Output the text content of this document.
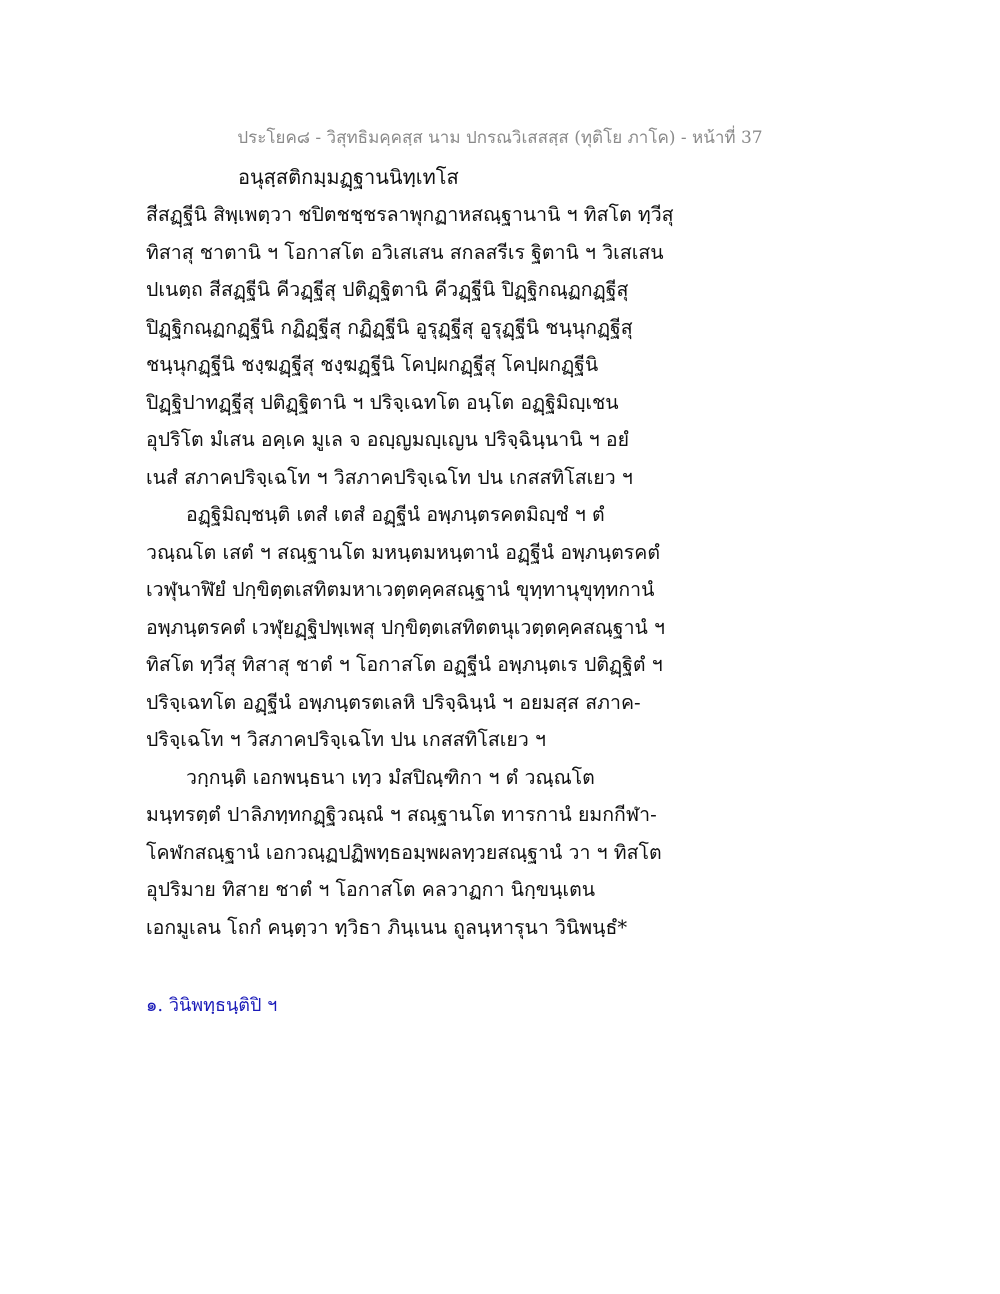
ประโยค๘ - วิสุทธิมคฺคสฺส นาม ปกรณวิเสสสฺส (ทุติโย ภาโค) - หน้าที่ 37
อนุสฺสติกมฺมฏฺฐานนิทฺเทโส
สีสฏฺฐีนิ สิพฺเพตฺวา ชปิตชชฺชรลาพุกฏาหสณฺฐานานิ ฯ ทิสโต ทฺวีสุ
ทิสาสุ ชาตานิ ฯ โอกาสโต อวิเสเสน สกลสรีเร ฐิตานิ ฯ วิเสเสน
ปเนตฺถ สีสฏฺฐีนิ คีวฏฺฐีสุ ปติฏฺฐิตานิ คีวฏฺฐีนิ ปิฏฺฐิกณฺฏกฏฺฐีสุ
ปิฏฺฐิกณฺฏกฏฺฐีนิ กฏิฏฺฐีสุ กฏิฏฺฐีนิ อูรุฏฺฐีสุ อูรุฏฺฐีนิ ชนฺนุกฏฺฐีสุ
ชนฺนุกฏฺฐีนิ ชงฺฆฏฺฐีสุ ชงฺฆฏฺฐีนิ โคปฺผกฏฺฐีสุ โคปฺผกฏฺฐีนิ
ปิฏฺฐิปาทฏฺฐีสุ ปติฏฺฐิตานิ ฯ ปริจฺเฉทโต อนฺโต อฏฺฐิมิญฺเชน
อุปริโต มํเสน อคฺเค มูเล จ อญฺญมญฺเญน ปริจฺฉินฺนานิ ฯ อยํ
เนสํ สภาคปริจฺเฉโท ฯ วิสภาคปริจฺเฉโท ปน เกสสทิโสเยว ฯ
อฏฺฐิมิญฺชนฺติ เตสํ เตสํ อฏฺฐีนํ อพฺภนฺตรคตมิญฺชํ ฯ ตํ
วณฺณโต เสตํ ฯ สณฺฐานโต มหนฺตมหนฺตานํ อฏฺฐีนํ อพฺภนฺตรคตํ
เวฬุนาฬิยํ ปกฺขิตฺตเสทิตมหาเวตฺตคฺคสณฺฐานํ ขุทฺทานุขุทฺทกานํ
อพฺภนฺตรคตํ เวฬุยฏฺฐิปพฺเพสุ ปกฺขิตฺตเสทิตตนุเวตฺตคฺคสณฺฐานํ ฯ
ทิสโต ทฺวีสุ ทิสาสุ ชาตํ ฯ โอกาสโต อฏฺฐีนํ อพฺภนฺตเร ปติฏฺฐิตํ ฯ
ปริจฺเฉทโต อฏฺฐีนํ อพฺภนฺตรตเลหิ ปริจฺฉินฺนํ ฯ อยมสฺส สภาค-
ปริจฺเฉโท ฯ วิสภาคปริจฺเฉโท ปน เกสสทิโสเยว ฯ
วกฺกนฺติ เอกพนฺธนา เทฺว มํสปิณฺฑิกา ฯ ตํ วณฺณโต
มนฺทรตฺตํ ปาลิภทฺทกฏฺฐิวณฺณํ ฯ สณฺฐานโต ทารกานํ ยมกกีฬา-
โคฬกสณฺฐานํ เอกวณฺฏปฏิพทฺธอมฺพผลทฺวยสณฺฐานํ วา ฯ ทิสโต
อุปริมาย ทิสาย ชาตํ ฯ โอกาสโต คลวาฏกา นิกฺขนฺเตน
เอกมูเลน โถกํ คนฺตฺวา ทฺวิธา ภินฺเนน ถูลนฺหารุนา วินิพนฺธํ*
๑. วินิพทฺธนฺติปิ ฯ
